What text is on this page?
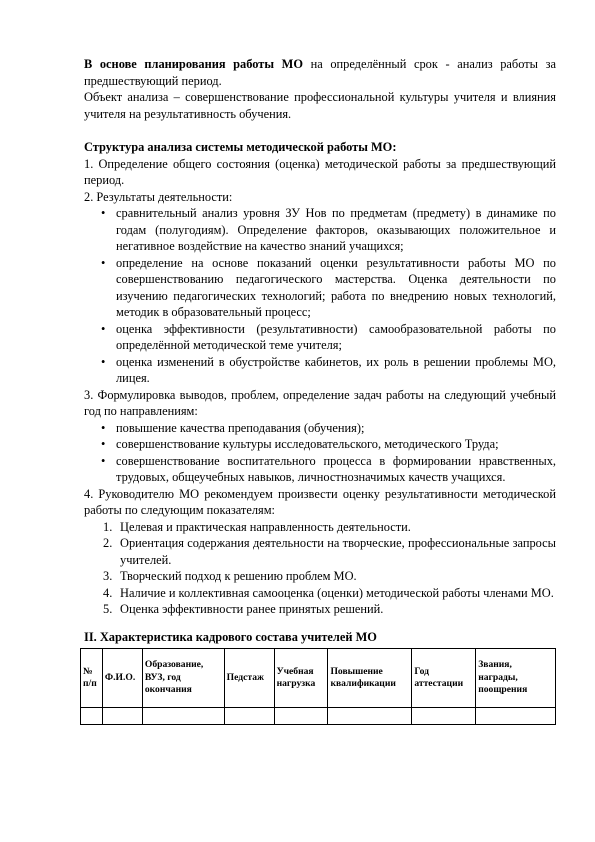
В основе планирования работы МО на определённый срок - анализ работы за предшествующий период.

Объект анализа – совершенствование профессиональной культуры учителя и влияния учителя на результативность обучения.

Структура анализа системы методической работы МО:

1. Определение общего состояния (оценка) методической работы за предшествующий период.

2. Результаты деятельности:

• сравнительный анализ уровня ЗУ Нов по предметам (предмету) в динамике по годам (полугодиям). Определение факторов, оказывающих положительное и негативное воздействие на качество знаний учащихся;
• определение на основе показаний оценки результативности работы МО по совершенствованию педагогического мастерства. Оценка деятельности по изучению педагогических технологий; работа по внедрению новых технологий, методик в образовательный процесс;
• оценка эффективности (результативности) самообразовательной работы по определённой методической теме учителя;
• оценка изменений в обустройстве кабинетов, их роль в решении проблемы МО, лицея.

3. Формулировка выводов, проблем, определение задач работы на следующий учебный год по направлениям:

• повышение качества преподавания (обучения);
• совершенствование культуры исследовательского, методического Труда;
• совершенствование воспитательного процесса в формировании нравственных, трудовых, общеучебных навыков, личностнозначимых качеств учащихся.

4. Руководителю МО рекомендуем произвести оценку результативности методической работы по следующим показателям:

1. Целевая и практическая направленность деятельности.
2. Ориентация содержания деятельности на творческие, профессиональные запросы учителей.
3. Творческий подход к решению проблем МО.
4. Наличие и коллективная самооценка (оценки) методической работы членами МО.
5. Оценка эффективности ранее принятых решений.

II. Характеристика кадрового состава учителей МО

№ п/п	Ф.И.О.	Образование, ВУЗ, год окончания	Педстаж	Учебная нагрузка	Повышение квалификации	Год аттестации	Звания, награды, поощрения
